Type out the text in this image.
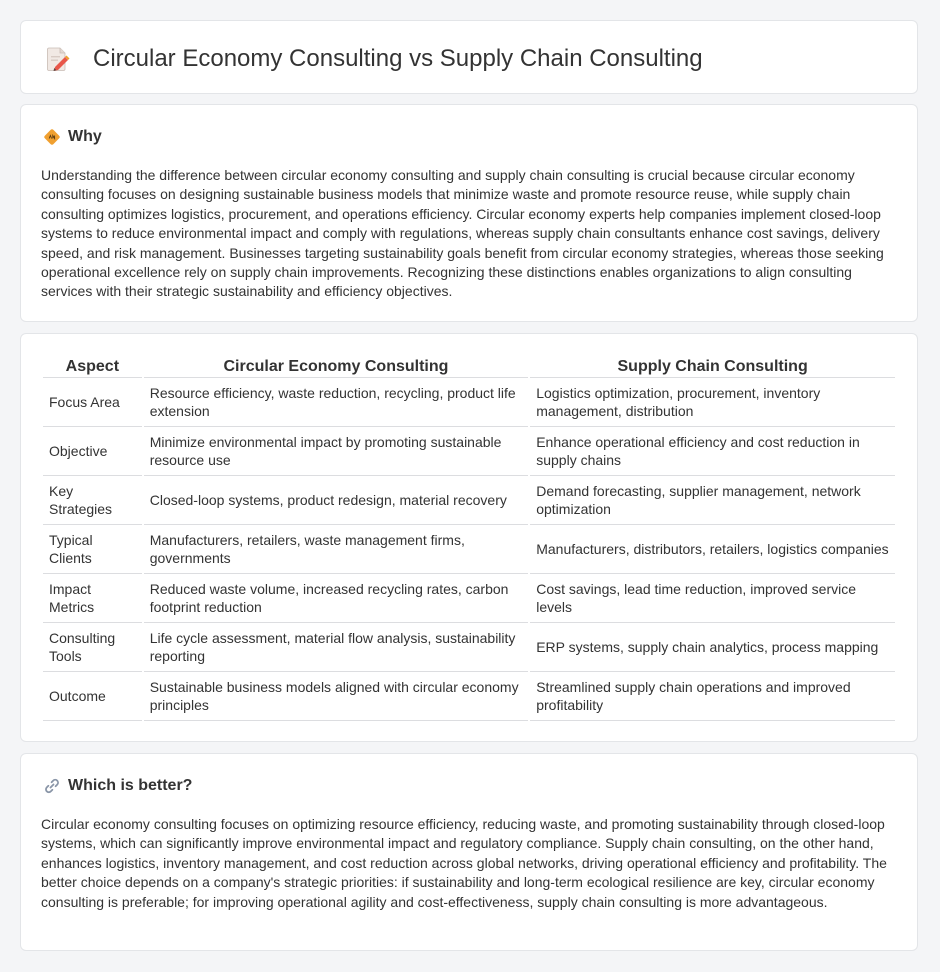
Circular Economy Consulting vs Supply Chain Consulting
Why

Understanding the difference between circular economy consulting and supply chain consulting is crucial because circular economy consulting focuses on designing sustainable business models that minimize waste and promote resource reuse, while supply chain consulting optimizes logistics, procurement, and operations efficiency. Circular economy experts help companies implement closed-loop systems to reduce environmental impact and comply with regulations, whereas supply chain consultants enhance cost savings, delivery speed, and risk management. Businesses targeting sustainability goals benefit from circular economy strategies, whereas those seeking operational excellence rely on supply chain improvements. Recognizing these distinctions enables organizations to align consulting services with their strategic sustainability and efficiency objectives.

Aspect	Circular Economy Consulting	Supply Chain Consulting
Focus Area	Resource efficiency, waste reduction, recycling, product life extension	Logistics optimization, procurement, inventory management, distribution
Objective	Minimize environmental impact by promoting sustainable resource use	Enhance operational efficiency and cost reduction in supply chains
Key Strategies	Closed-loop systems, product redesign, material recovery	Demand forecasting, supplier management, network optimization
Typical Clients	Manufacturers, retailers, waste management firms, governments	Manufacturers, distributors, retailers, logistics companies
Impact Metrics	Reduced waste volume, increased recycling rates, carbon footprint reduction	Cost savings, lead time reduction, improved service levels
Consulting Tools	Life cycle assessment, material flow analysis, sustainability reporting	ERP systems, supply chain analytics, process mapping
Outcome	Sustainable business models aligned with circular economy principles	Streamlined supply chain operations and improved profitability
Which is better?

Circular economy consulting focuses on optimizing resource efficiency, reducing waste, and promoting sustainability through closed-loop systems, which can significantly improve environmental impact and regulatory compliance. Supply chain consulting, on the other hand, enhances logistics, inventory management, and cost reduction across global networks, driving operational efficiency and profitability. The better choice depends on a company's strategic priorities: if sustainability and long-term ecological resilience are key, circular economy consulting is preferable; for improving operational agility and cost-effectiveness, supply chain consulting is more advantageous.
